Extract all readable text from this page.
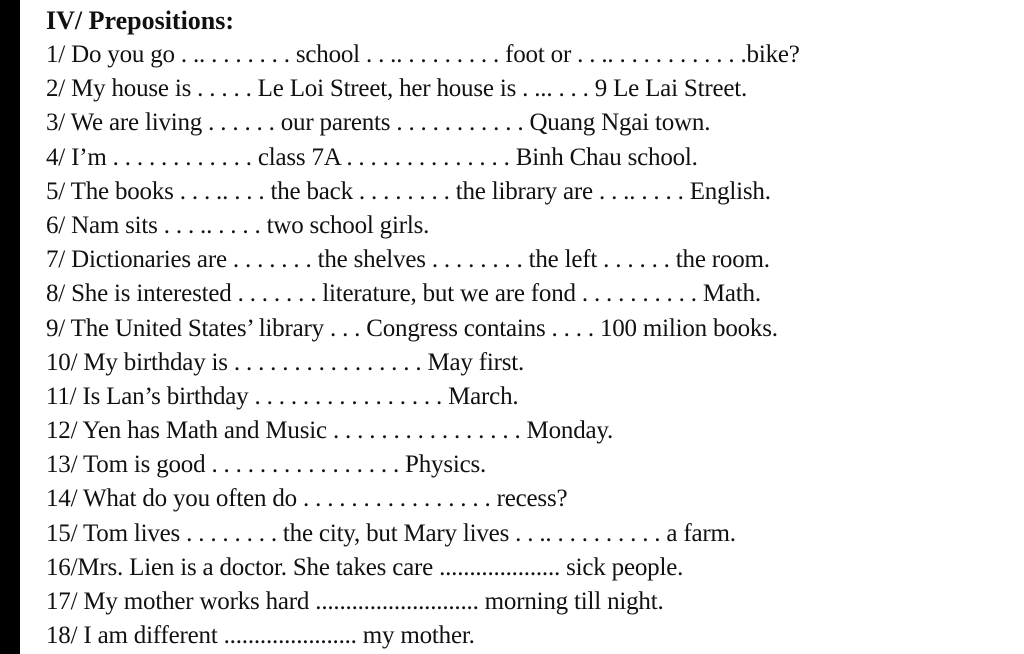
IV/ Prepositions:
1/ Do you go . .. . . . . . . . school . . .. . . . . . . . . foot or . . .. . . . . . . . . . . .bike?
2/ My house is . . . . . Le Loi Street, her house is . ... . . . 9 Le Lai Street.
3/ We are living . . . . . . our parents . . . . . . . . . . . Quang Ngai town.
4/ I’m . . . . . . . . . . . . class 7A . . . . . . . . . . . . . . Binh Chau school.
5/ The books . . . .. . . . the back . . . . . . . . the library are . . .. . . . . English.
6/ Nam sits . . . .. . . . . two school girls.
7/ Dictionaries are . . . . . . . the shelves . . . . . . . . the left . . . . . . the room.
8/ She is interested . . . . . . . literature, but we are fond . . . . . . . . . . Math.
9/ The United States’ library . . . Congress contains . . . . 100 milion books.
10/ My birthday is . . . . . . . . . . . . . . . . May first.
11/ Is Lan’s birthday . . . . . . . . . . . . . . . . March.
12/ Yen has Math and Music . . . . . . . . . . . . . . . . Monday.
13/ Tom is good . . . . . . . . . . . . . . . . Physics.
14/ What do you often do . . . . . . . . . . . . . . . . recess?
15/ Tom lives . . . . . . . . the city, but Mary lives . . .. . . . . . . . . . a farm.
16/Mrs. Lien is a doctor. She takes care .................... sick people.
17/ My mother works hard ........................... morning till night.
18/ I am different ...................... my mother.
